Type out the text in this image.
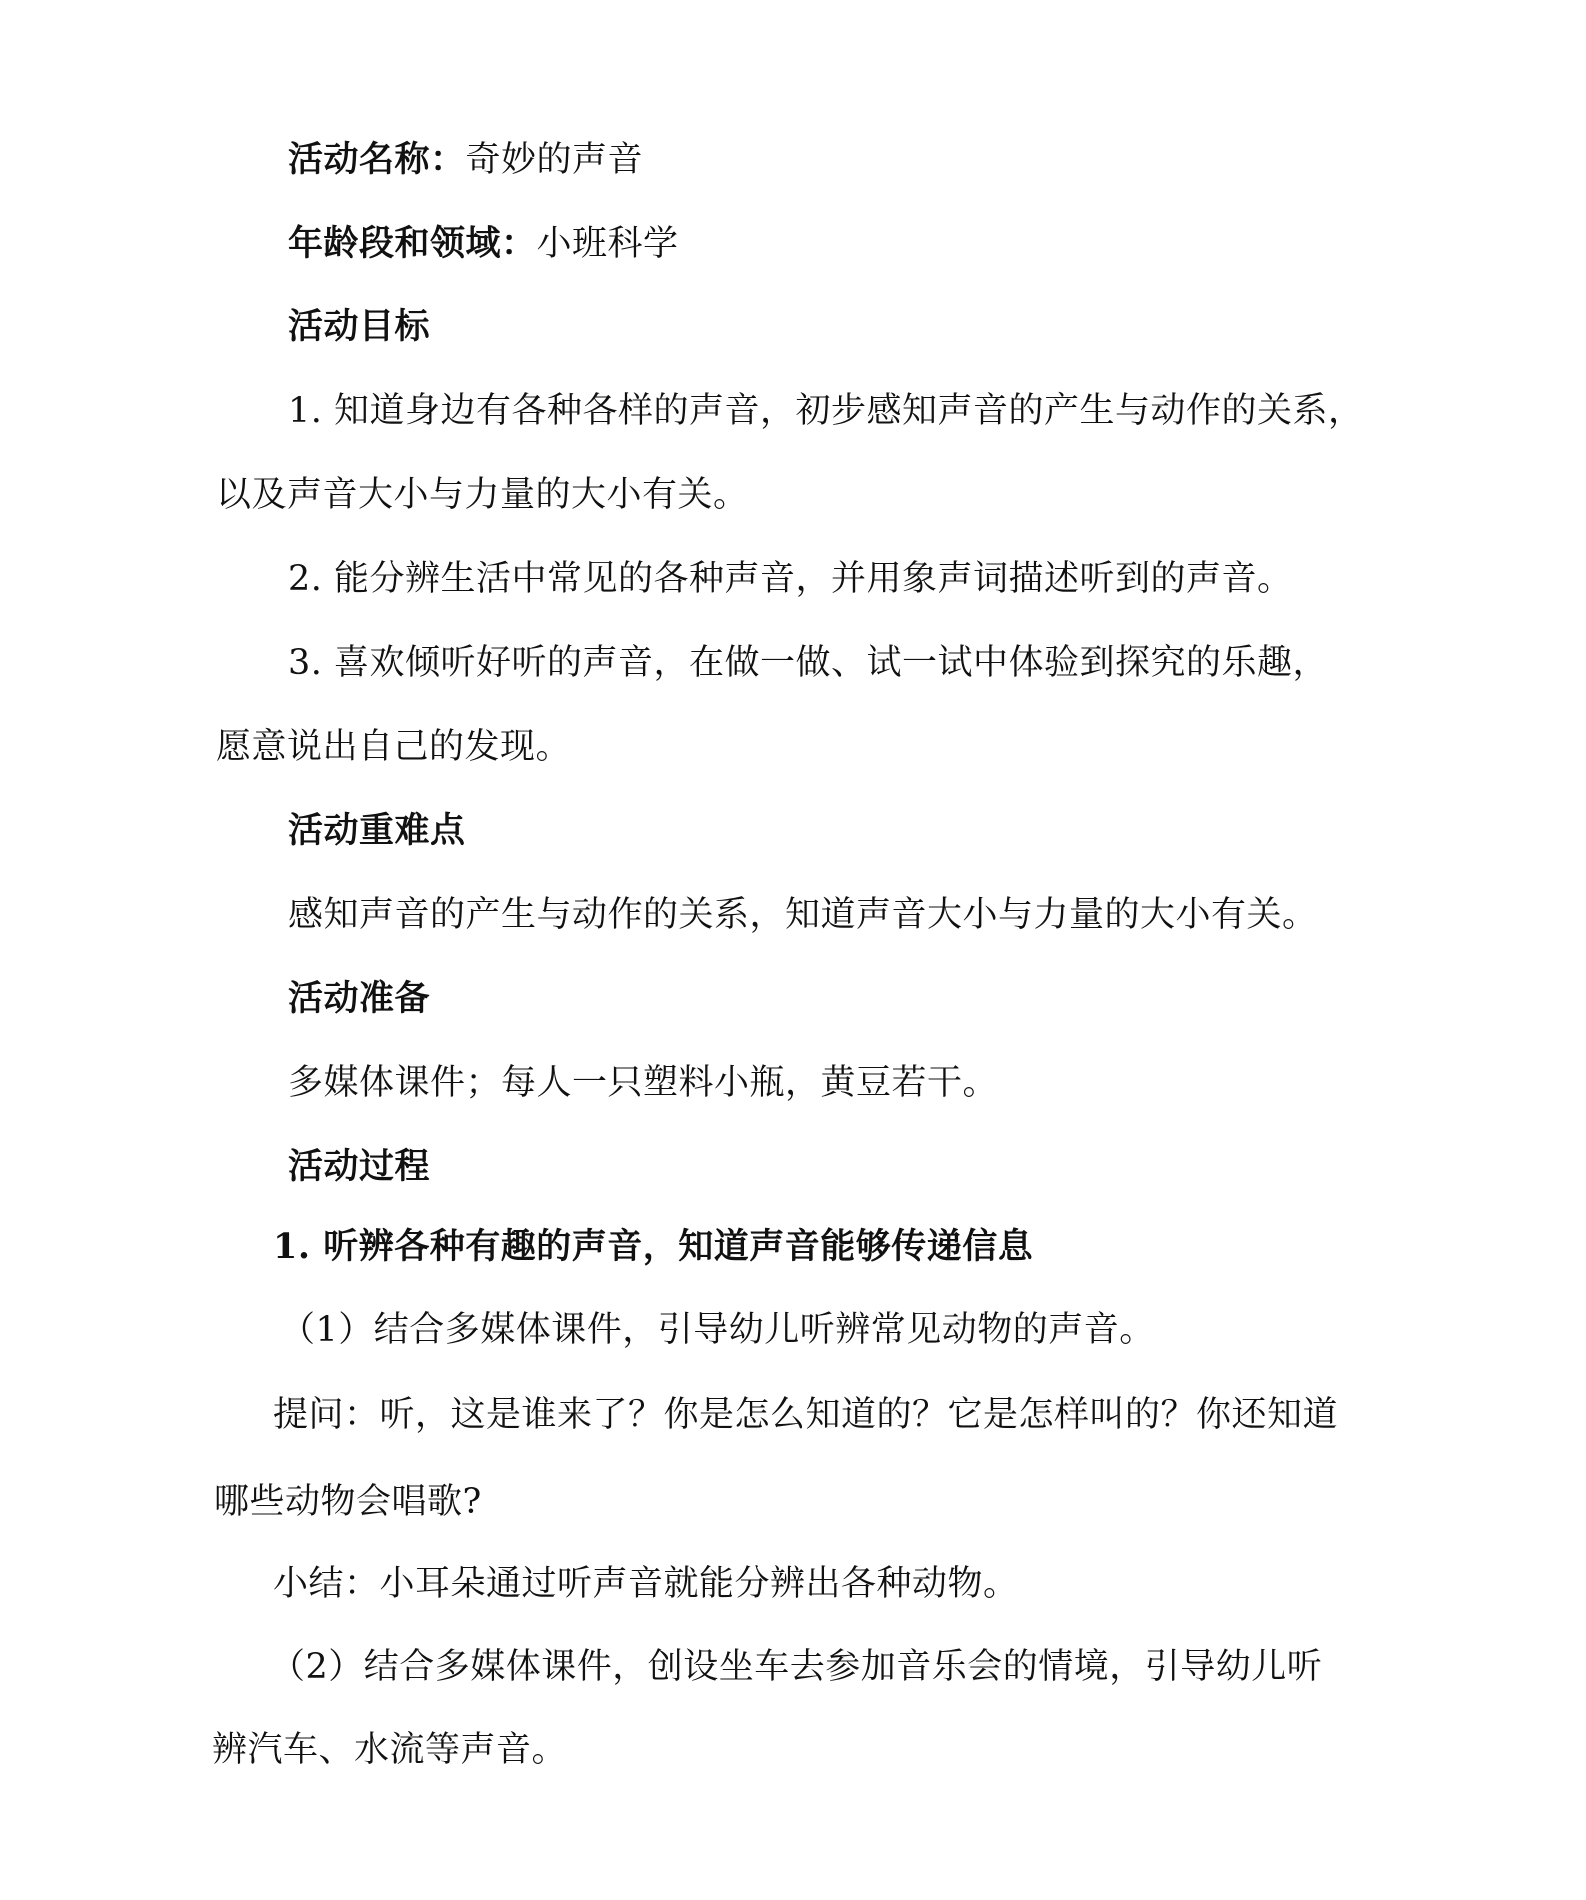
活动名称：奇妙的声音
年龄段和领域：小班科学
活动目标
1. 知道身边有各种各样的声音，初步感知声音的产生与动作的关系，
以及声音大小与力量的大小有关。
2. 能分辨生活中常见的各种声音，并用象声词描述听到的声音。
3. 喜欢倾听好听的声音，在做一做、试一试中体验到探究的乐趣，
愿意说出自己的发现。
活动重难点
感知声音的产生与动作的关系，知道声音大小与力量的大小有关。
活动准备
多媒体课件；每人一只塑料小瓶，黄豆若干。
活动过程
1. 听辨各种有趣的声音，知道声音能够传递信息
（1）结合多媒体课件，引导幼儿听辨常见动物的声音。
提问：听，这是谁来了？你是怎么知道的？它是怎样叫的？你还知道
哪些动物会唱歌?
小结：小耳朵通过听声音就能分辨出各种动物。
（2）结合多媒体课件，创设坐车去参加音乐会的情境，引导幼儿听
辨汽车、水流等声音。
